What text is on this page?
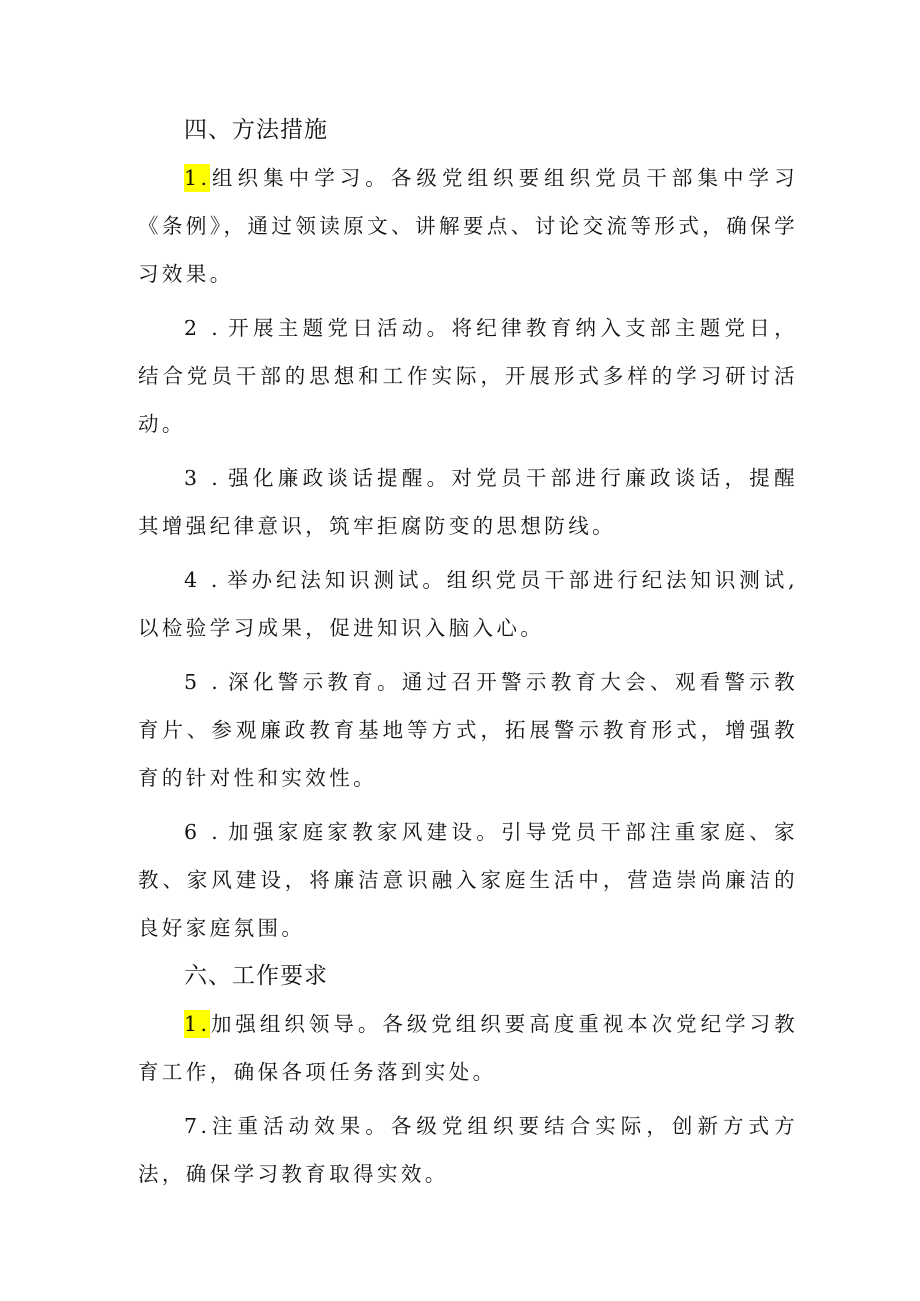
四、方法措施

1.组织集中学习。各级党组织要组织党员干部集中学习《条例》，通过领读原文、讲解要点、讨论交流等形式，确保学习效果。

2 . 开展主题党日活动。将纪律教育纳入支部主题党日，结合党员干部的思想和工作实际，开展形式多样的学习研讨活动。

3 . 强化廉政谈话提醒。对党员干部进行廉政谈话，提醒其增强纪律意识，筑牢拒腐防变的思想防线。

4 . 举办纪法知识测试。组织党员干部进行纪法知识测试,以检验学习成果，促进知识入脑入心。

5 . 深化警示教育。通过召开警示教育大会、观看警示教育片、参观廉政教育基地等方式，拓展警示教育形式，增强教育的针对性和实效性。

6 . 加强家庭家教家风建设。引导党员干部注重家庭、家教、家风建设，将廉洁意识融入家庭生活中，营造崇尚廉洁的良好家庭氛围。

六、工作要求

1.加强组织领导。各级党组织要高度重视本次党纪学习教育工作，确保各项任务落到实处。

7.注重活动效果。各级党组织要结合实际，创新方式方法，确保学习教育取得实效。
